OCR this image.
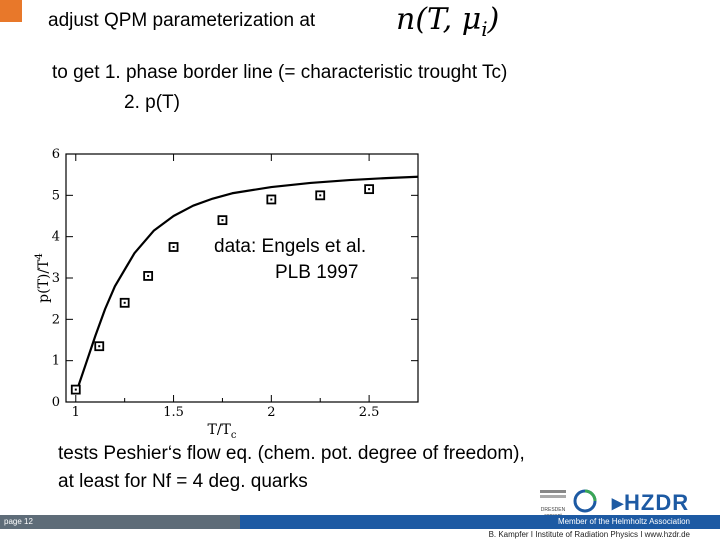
adjust QPM parameterization at	n(T, $\mu_i$)
to get 1. phase border line (= characteristic trought Tc)
2. p(T)
1	1.5	2	2.5
0
1
2
3
4
5
6
$T/T_c$
$p(T)/T^4$	data: Engels et al.
PLB 1997
tests Peshier‘s flow eq. (chem. pot. degree of freedom),
at least for Nf = 4 deg. quarks
DRESDEN ▸HZDR
page 12	Member of the Helmholtz Association
B. Kampfer I Institute of Radiation Physics I www.hzdr.de
